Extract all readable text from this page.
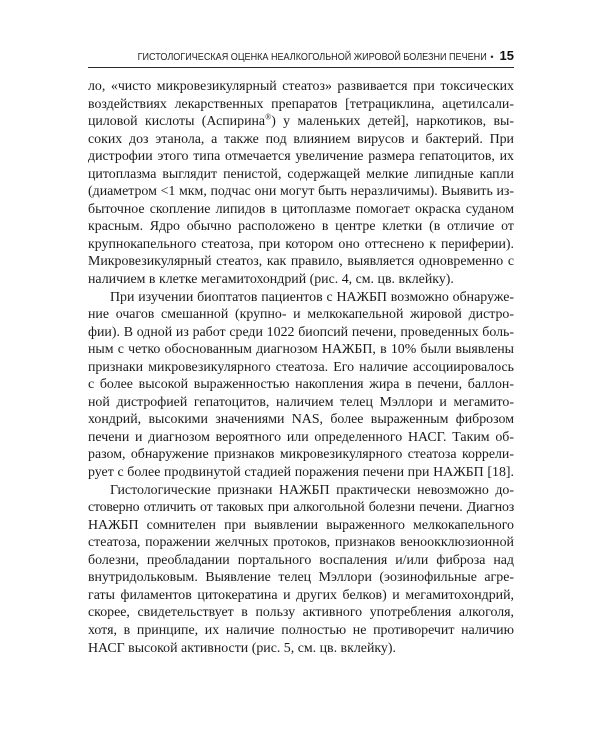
ГИСТОЛОГИЧЕСКАЯ ОЦЕНКА НЕАЛКОГОЛЬНОЙ ЖИРОВОЙ БОЛЕЗНИ ПЕЧЕНИ • 15

ло, «чисто микровезикулярный стеатоз» развивается при токсических
воздействиях лекарственных препаратов [тетрациклина, ацетилсали-
циловой кислоты (Аспирина®) у маленьких детей], наркотиков, вы-
соких доз этанола, а также под влиянием вирусов и бактерий. При
дистрофии этого типа отмечается увеличение размера гепатоцитов, их
цитоплазма выглядит пенистой, содержащей мелкие липидные капли
(диаметром <1 мкм, подчас они могут быть неразличимы). Выявить из-
быточное скопление липидов в цитоплазме помогает окраска суданом
красным. Ядро обычно расположено в центре клетки (в отличие от
крупнокапельного стеатоза, при котором оно оттеснено к периферии).
Микровезикулярный стеатоз, как правило, выявляется одновременно с
наличием в клетке мегамитохондрий (рис. 4, см. цв. вклейку).

При изучении биоптатов пациентов с НАЖБП возможно обнаруже-
ние очагов смешанной (крупно- и мелкокапельной жировой дистро-
фии). В одной из работ среди 1022 биопсий печени, проведенных боль-
ным с четко обоснованным диагнозом НАЖБП, в 10% были выявлены
признаки микровезикулярного стеатоза. Его наличие ассоциировалось
с более высокой выраженностью накопления жира в печени, баллон-
ной дистрофией гепатоцитов, наличием телец Мэллори и мегамито-
хондрий, высокими значениями NAS, более выраженным фиброзом
печени и диагнозом вероятного или определенного НАСГ. Таким об-
разом, обнаружение признаков микровезикулярного стеатоза коррели-
рует с более продвинутой стадией поражения печени при НАЖБП [18].

Гистологические признаки НАЖБП практически невозможно до-
стоверно отличить от таковых при алкогольной болезни печени. Диагноз
НАЖБП сомнителен при выявлении выраженного мелкокапельного
стеатоза, поражении желчных протоков, признаков веноокклюзионной
болезни, преобладании портального воспаления и/или фиброза над
внутридольковым. Выявление телец Мэллори (эозинофильные агре-
гаты филаментов цитокератина и других белков) и мегамитохондрий,
скорее, свидетельствует в пользу активного употребления алкоголя,
хотя, в принципе, их наличие полностью не противоречит наличию
НАСГ высокой активности (рис. 5, см. цв. вклейку).
